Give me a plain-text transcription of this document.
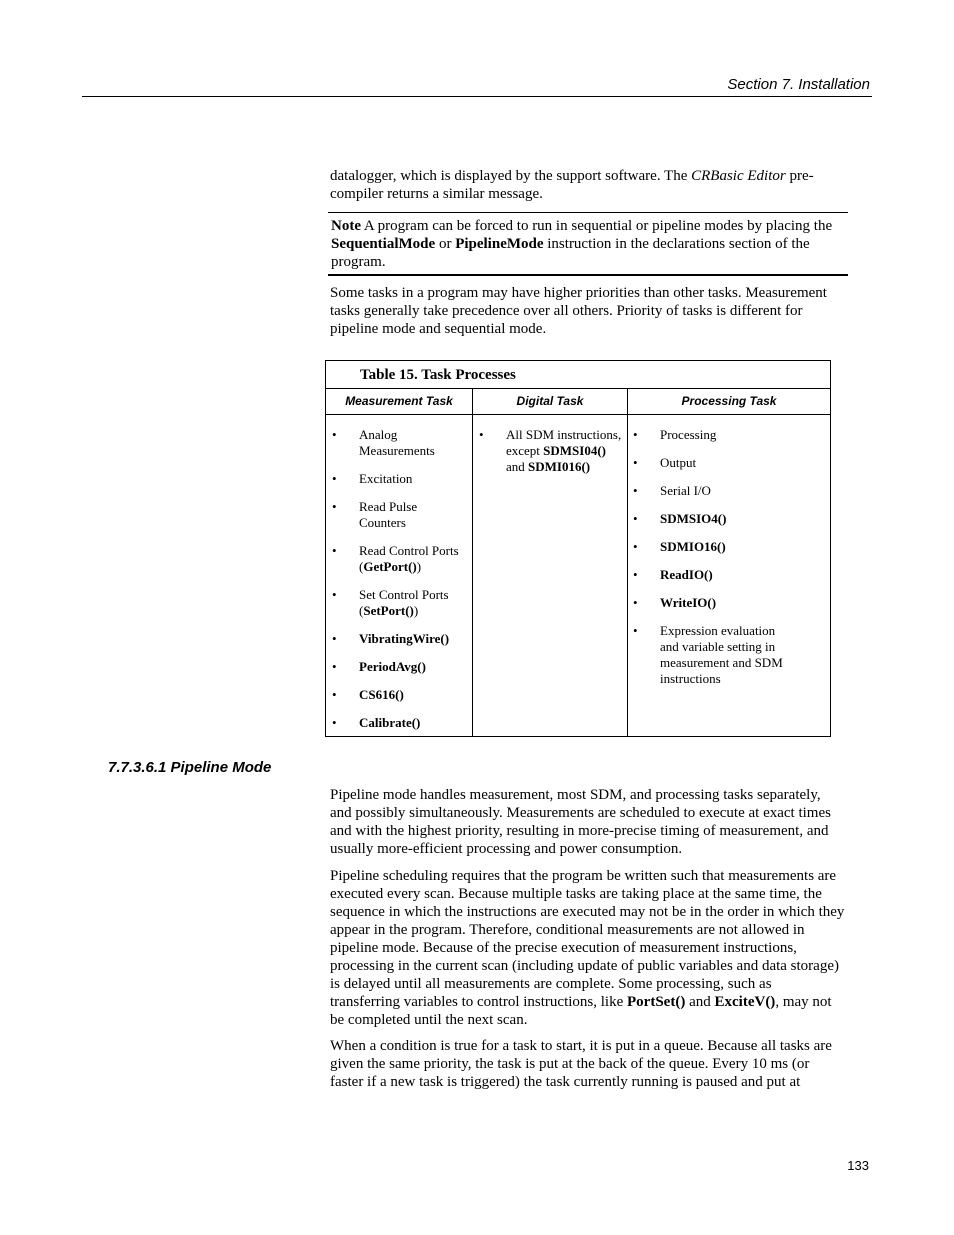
Section 7. Installation

datalogger, which is displayed by the support software. The CRBasic Editor pre-compiler returns a similar message.

Note A program can be forced to run in sequential or pipeline modes by placing the SequentialMode or PipelineMode instruction in the declarations section of the program.

Some tasks in a program may have higher priorities than other tasks. Measurement tasks generally take precedence over all others. Priority of tasks is different for pipeline mode and sequential mode.

Table 15. Task Processes
Measurement Task	Digital Task	Processing Task
• Analog Measurements
• Excitation
• Read Pulse Counters
• Read Control Ports (GetPort())
• Set Control Ports (SetPort())
• VibratingWire()
• PeriodAvg()
• CS616()
• Calibrate()
• All SDM instructions, except SDMSI04() and SDMI016()
• Processing
• Output
• Serial I/O
• SDMSIO4()
• SDMIO16()
• ReadIO()
• WriteIO()
• Expression evaluation and variable setting in measurement and SDM instructions
7.7.3.6.1 Pipeline Mode

Pipeline mode handles measurement, most SDM, and processing tasks separately, and possibly simultaneously. Measurements are scheduled to execute at exact times and with the highest priority, resulting in more-precise timing of measurement, and usually more-efficient processing and power consumption.

Pipeline scheduling requires that the program be written such that measurements are executed every scan. Because multiple tasks are taking place at the same time, the sequence in which the instructions are executed may not be in the order in which they appear in the program. Therefore, conditional measurements are not allowed in pipeline mode. Because of the precise execution of measurement instructions, processing in the current scan (including update of public variables and data storage) is delayed until all measurements are complete. Some processing, such as transferring variables to control instructions, like PortSet() and ExciteV(), may not be completed until the next scan.

When a condition is true for a task to start, it is put in a queue. Because all tasks are given the same priority, the task is put at the back of the queue. Every 10 ms (or faster if a new task is triggered) the task currently running is paused and put at

133
